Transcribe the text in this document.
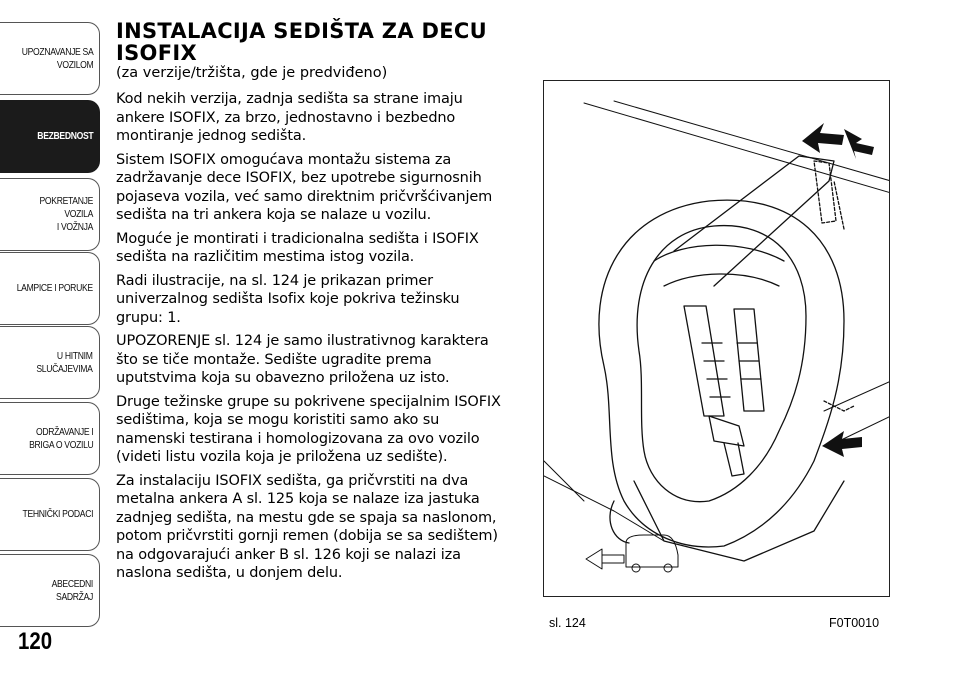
UPOZNAVANJE SA
VOZILOM
BEZBEDNOST
POKRETANJE VOZILA
I VOŽNJA
LAMPICE I PORUKE
U HITNIM
SLUČAJEVIMA
ODRŽAVANJE I
BRIGA O VOZILU
TEHNIČKI PODACI
ABECEDNI SADRŽAJ
120
INSTALACIJA SEDIŠTA ZA DECU
ISOFIX

(za verzije/tržišta, gde je predviđeno)

Kod nekih verzija, zadnja sedišta sa strane imaju ankere ISOFIX, za brzo, jednostavno i bezbedno montiranje jednog sedišta.

Sistem ISOFIX omogućava montažu sistema za zadržavanje dece ISOFIX, bez upotrebe sigurnosnih pojaseva vozila, već samo direktnim pričvršćivanjem sedišta na tri ankera koja se nalaze u vozilu.

Moguće je montirati i tradicionalna sedišta i ISOFIX sedišta na različitim mestima istog vozila.

Radi ilustracije, na sl. 124 je prikazan primer univerzalnog sedišta Isofix koje pokriva težinsku grupu: 1.

UPOZORENJE sl. 124 je samo ilustrativnog karaktera što se tiče montaže. Sedište ugradite prema uputstvima koja su obavezno priložena uz isto.

Druge težinske grupe su pokrivene specijalnim ISOFIX sedištima, koja se mogu koristiti samo ako su namenski testirana i homologizovana za ovo vozilo (videti listu vozila koja je priložena uz sedište).

Za instalaciju ISOFIX sedišta, ga pričvrstiti na dva metalna ankera A sl. 125 koja se nalaze iza jastuka zadnjeg sedišta, na mestu gde se spaja sa naslonom, potom pričvrstiti gornji remen (dobija se sa sedištem) na odgovarajući anker B sl. 126 koji se nalazi iza naslona sedišta, u donjem delu.

sl. 124	F0T0010
